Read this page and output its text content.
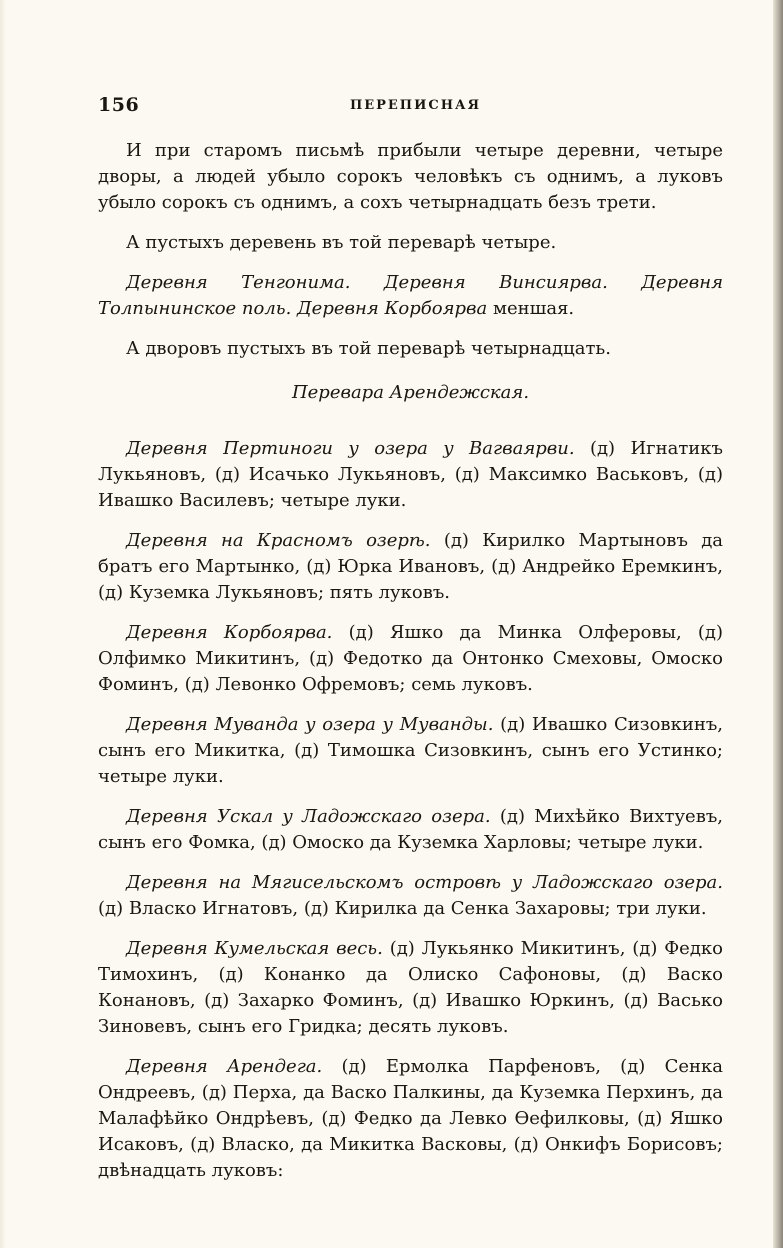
156	ПЕРЕПИСНАЯ

И при старомъ письмѣ прибыли четыре деревни, четыре дворы, а людей убыло сорокъ человѣкъ съ однимъ, а луковъ убыло сорокъ съ однимъ, а сохъ четырнадцать безъ трети.

А пустыхъ деревень въ той переварѣ четыре.

Деревня Тенгонима. Деревня Винсиярва. Деревня Толпынинское поль. Деревня Корбоярва меншая.

А дворовъ пустыхъ въ той переварѣ четырнадцать.

Перевара Арендежская.

Деревня Пертиноги у озера у Вагваярви. (д) Игнатикъ Лукьяновъ, (д) Исачько Лукьяновъ, (д) Максимко Васьковъ, (д) Ивашко Василевъ; четыре луки.

Деревня на Красномъ озерѣ. (д) Кирилко Мартыновъ да братъ его Мартынко, (д) Юрка Ивановъ, (д) Андрейко Еремкинъ, (д) Куземка Лукьяновъ; пять луковъ.

Деревня Корбоярва. (д) Яшко да Минка Олферовы, (д) Олфимко Микитинъ, (д) Федотко да Онтонко Смеховы, Омоско Фоминъ, (д) Левонко Офремовъ; семь луковъ.

Деревня Муванда у озера у Муванды. (д) Ивашко Сизовкинъ, сынъ его Микитка, (д) Тимошка Сизовкинъ, сынъ его Устинко; четыре луки.

Деревня Ускал у Ладожскаго озера. (д) Михѣйко Вихтуевъ, сынъ его Фомка, (д) Омоско да Куземка Харловы; четыре луки.

Деревня на Мягисельскомъ островѣ у Ладожскаго озера. (д) Власко Игнатовъ, (д) Кирилка да Сенка Захаровы; три луки.

Деревня Кумельская весь. (д) Лукьянко Микитинъ, (д) Федко Тимохинъ, (д) Конанко да Олиско Сафоновы, (д) Васко Конановъ, (д) Захарко Фоминъ, (д) Ивашко Юркинъ, (д) Васько Зиновевъ, сынъ его Гридка; десять луковъ.

Деревня Арендега. (д) Ермолка Парфеновъ, (д) Сенка Ондреевъ, (д) Перха, да Васко Палкины, да Куземка Перхинъ, да Малафѣйко Ондрѣевъ, (д) Федко да Левко Ѳефилковы, (д) Яшко Исаковъ, (д) Власко, да Микитка Васковы, (д) Онкифъ Борисовъ; двѣнадцать луковъ:
